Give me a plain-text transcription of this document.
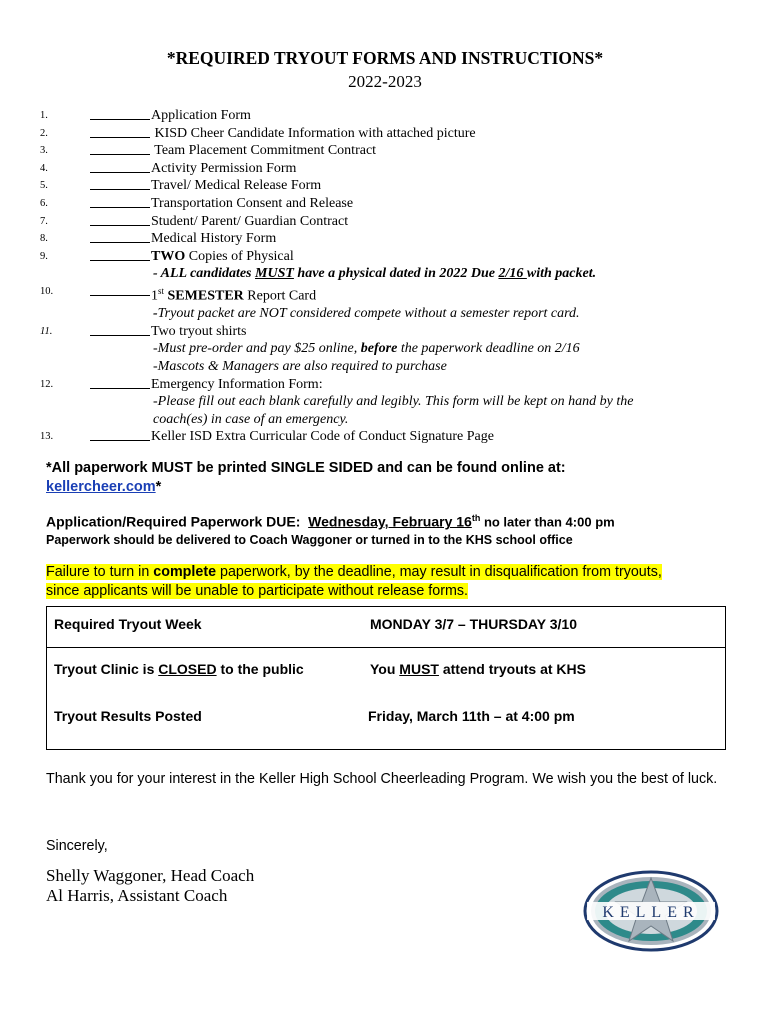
*REQUIRED TRYOUT FORMS AND INSTRUCTIONS*
2022-2023
1.	Application Form
2.	KISD Cheer Candidate Information with attached picture
3.	Team Placement Commitment Contract
4.	Activity Permission Form
5.	Travel/ Medical Release Form
6.	Transportation Consent and Release
7.	Student/ Parent/ Guardian Contract
8.	Medical History Form
9.	TWO Copies of Physical
- ALL candidates MUST have a physical dated in 2022 Due 2/16 with packet.
10.	1st SEMESTER Report Card
-Tryout packet are NOT considered compete without a semester report card.
11.	Two tryout shirts
-Must pre-order and pay $25 online, before the paperwork deadline on 2/16
-Mascots & Managers are also required to purchase
12.	Emergency Information Form:
-Please fill out each blank carefully and legibly. This form will be kept on hand by the
coach(es) in case of an emergency.
13.	Keller ISD Extra Curricular Code of Conduct Signature Page
*All paperwork MUST be printed SINGLE SIDED and can be found online at:
kellercheer.com*
Application/Required Paperwork DUE:  Wednesday, February 16th no later than 4:00 pm
Paperwork should be delivered to Coach Waggoner or turned in to the KHS school office
Failure to turn in complete paperwork, by the deadline, may result in disqualification from tryouts,
since applicants will be unable to participate without release forms.
Required Tryout Week	MONDAY 3/7 – THURSDAY 3/10
Tryout Clinic is CLOSED to the public	You MUST attend tryouts at KHS
Tryout Results Posted	Friday, March 11th – at 4:00 pm
Thank you for your interest in the Keller High School Cheerleading Program. We wish you the best of luck.
Sincerely,
Shelly Waggoner, Head Coach
Al Harris, Assistant Coach
KELLER
